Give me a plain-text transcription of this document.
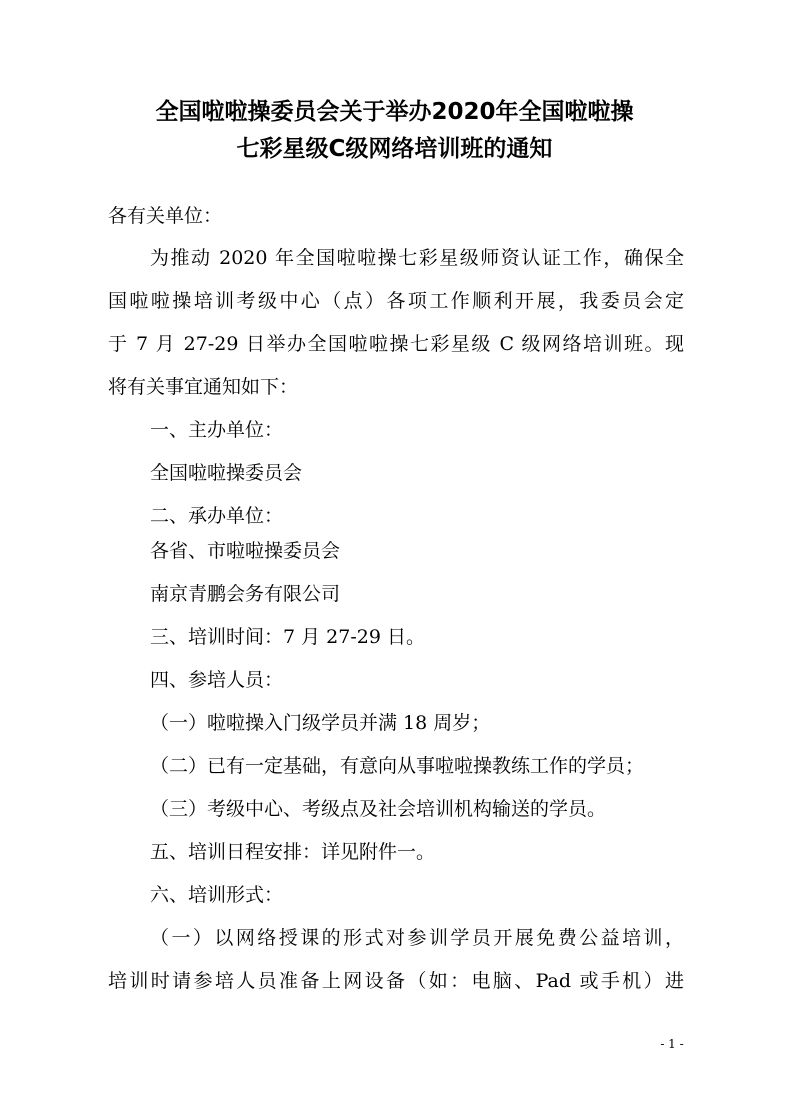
全国啦啦操委员会关于举办2020年全国啦啦操
七彩星级C级网络培训班的通知
各有关单位：
为推动 2020 年全国啦啦操七彩星级师资认证工作，确保全
国啦啦操培训考级中心（点）各项工作顺利开展，我委员会定
于 7 月 27-29 日举办全国啦啦操七彩星级 C 级网络培训班。现
将有关事宜通知如下：
一、主办单位：
全国啦啦操委员会
二、承办单位：
各省、市啦啦操委员会
南京青鹏会务有限公司
三、培训时间：7 月 27-29 日。
四、参培人员：
（一）啦啦操入门级学员并满 18 周岁；
（二）已有一定基础，有意向从事啦啦操教练工作的学员；
（三）考级中心、考级点及社会培训机构输送的学员。
五、培训日程安排：详见附件一。
六、培训形式：
（一）以网络授课的形式对参训学员开展免费公益培训，
培训时请参培人员准备上网设备（如：电脑、Pad 或手机）进
- 1 -
